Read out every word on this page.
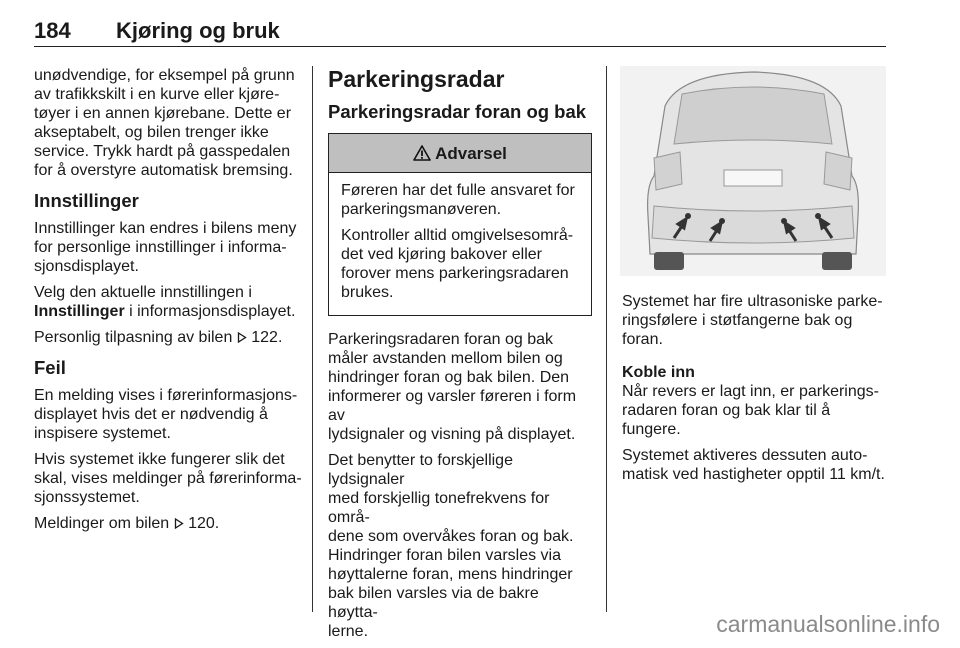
184 Kjøring og bruk

unødvendige, for eksempel på grunn
av trafikkskilt i en kurve eller kjøre-
tøyer i en annen kjørebane. Dette er
akseptabelt, og bilen trenger ikke
service. Trykk hardt på gasspedalen
for å overstyre automatisk bremsing.

Innstillinger

Innstillinger kan endres i bilens meny
for personlige innstillinger i informa-
sjonsdisplayet.

Velg den aktuelle innstillingen i
Innstillinger i informasjonsdisplayet.

Personlig tilpasning av bilen  122.

Feil

En melding vises i førerinformasjons-
displayet hvis det er nødvendig å
inspisere systemet.

Hvis systemet ikke fungerer slik det
skal, vises meldinger på førerinforma-
sjonssystemet.

Meldinger om bilen  120.

Parkeringsradar
Parkeringsradar foran og bak
Advarsel

Føreren har det fulle ansvaret for
parkeringsmanøveren.

Kontroller alltid omgivelsesområ-
det ved kjøring bakover eller
forover mens parkeringsradaren
brukes.

Parkeringsradaren foran og bak
måler avstanden mellom bilen og
hindringer foran og bak bilen. Den
informerer og varsler føreren i form av
lydsignaler og visning på displayet.

Det benytter to forskjellige lydsignaler
med forskjellig tonefrekvens for områ-
dene som overvåkes foran og bak.
Hindringer foran bilen varsles via
høyttalerne foran, mens hindringer
bak bilen varsles via de bakre høytta-
lerne.

Systemet har fire ultrasoniske parke-
ringsfølere i støtfangerne bak og
foran.

Koble inn

Når revers er lagt inn, er parkerings-
radaren foran og bak klar til å fungere.

Systemet aktiveres dessuten auto-
matisk ved hastigheter opptil 11 km/t.

carmanualsonline.info
